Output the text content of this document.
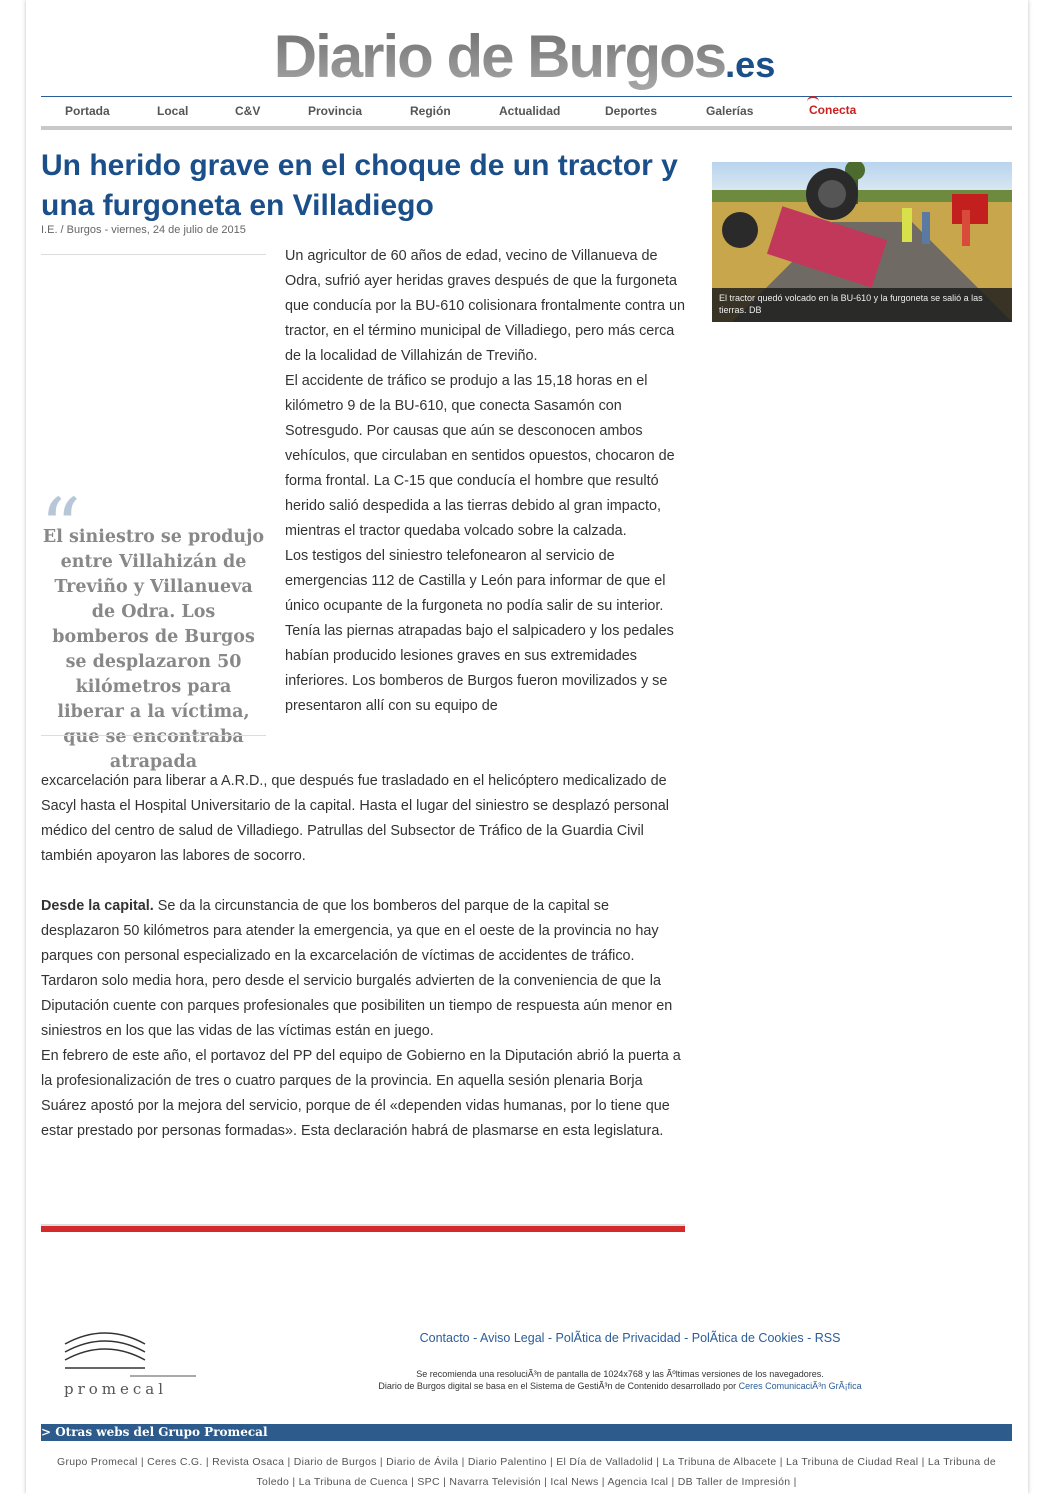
Diario de Burgos.es
Portada	Local	C&V	Provincia	Región	Actualidad	Deportes	Galerías	Conecta
Un herido grave en el choque de un tractor y una furgoneta en Villadiego
I.E. / Burgos - viernes, 24 de julio de 2015
“
El siniestro se produjo entre Villahizán de Treviño y Villanueva de Odra. Los bomberos de Burgos se desplazaron 50 kilómetros para liberar a la víctima, que se encontraba atrapada

Un agricultor de 60 años de edad, vecino de Villanueva de Odra, sufrió ayer heridas graves después de que la furgoneta que conducía por la BU-610 colisionara frontalmente contra un tractor, en el término municipal de Villadiego, pero más cerca de la localidad de Villahizán de Treviño.

El accidente de tráfico se produjo a las 15,18 horas en el kilómetro 9 de la BU-610, que conecta Sasamón con Sotresgudo. Por causas que aún se desconocen ambos vehículos, que circulaban en sentidos opuestos, chocaron de forma frontal. La C-15 que conducía el hombre que resultó herido salió despedida a las tierras debido al gran impacto, mientras el tractor quedaba volcado sobre la calzada.

Los testigos del siniestro telefonearon al servicio de emergencias 112 de Castilla y León para informar de que el único ocupante de la furgoneta no podía salir de su interior. Tenía las piernas atrapadas bajo el salpicadero y los pedales habían producido lesiones graves en sus extremidades inferiores. Los bomberos de Burgos fueron movilizados y se presentaron allí con su equipo de

excarcelación para liberar a A.R.D., que después fue trasladado en el helicóptero medicalizado de Sacyl hasta el Hospital Universitario de la capital. Hasta el lugar del siniestro se desplazó personal médico del centro de salud de Villadiego. Patrullas del Subsector de Tráfico de la Guardia Civil también apoyaron las labores de socorro.

Desde la capital. Se da la circunstancia de que los bomberos del parque de la capital se desplazaron 50 kilómetros para atender la emergencia, ya que en el oeste de la provincia no hay parques con personal especializado en la excarcelación de víctimas de accidentes de tráfico. Tardaron solo media hora, pero desde el servicio burgalés advierten de la conveniencia de que la Diputación cuente con parques profesionales que posibiliten un tiempo de respuesta aún menor en siniestros en los que las vidas de las víctimas están en juego.

En febrero de este año, el portavoz del PP del equipo de Gobierno en la Diputación abrió la puerta a la profesionalización de tres o cuatro parques de la provincia. En aquella sesión plenaria Borja Suárez apostó por la mejora del servicio, porque de él «dependen vidas humanas, por lo tiene que estar prestado por personas formadas». Esta declaración habrá de plasmarse en esta legislatura.

El tractor quedó volcado en la BU-610 y la furgoneta se salió a las tierras. DB
promecal
Contacto - Aviso Legal - PolÃtica de Privacidad - PolÃtica de Cookies - RSS
Se recomienda una resoluciÃ³n de pantalla de 1024x768 y las Ãºltimas versiones de los navegadores.
Diario de Burgos digital se basa en el Sistema de GestiÃ³n de Contenido desarrollado por Ceres ComunicaciÃ³n GrÃ¡fica
> Otras webs del Grupo Promecal
Grupo Promecal | Ceres C.G. | Revista Osaca | Diario de Burgos | Diario de Ávila | Diario Palentino | El Día de Valladolid | La Tribuna de Albacete | La Tribuna de Ciudad Real | La Tribuna de Toledo | La Tribuna de Cuenca | SPC | Navarra Televisión | Ical News | Agencia Ical | DB Taller de Impresión |
